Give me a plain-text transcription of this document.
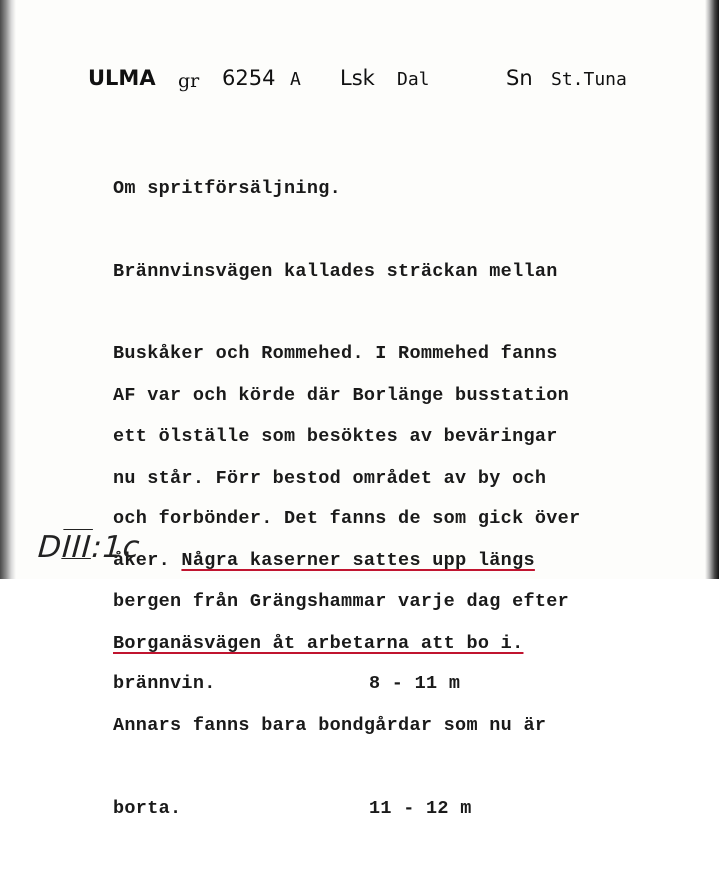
ULMA gr 6254 A Lsk Dal	Sn St.Tuna

Om spritförsäljning.

Brännvinsvägen kallades sträckan mellan

Buskåker och Rommehed. I Rommehed fanns

ett ölställe som besöktes av beväringar

och forbönder. Det fanns de som gick över

bergen från Grängshammar varje dag efter

brännvin.	8 - 11 m

AF var och körde där Borlänge busstation

nu står. Förr bestod området av by och

åker. Några kaserner sattes upp längs

Borganäsvägen åt arbetarna att bo i.

Annars fanns bara bondgårdar som nu är

borta.	11 - 12 m

DIII:1c
